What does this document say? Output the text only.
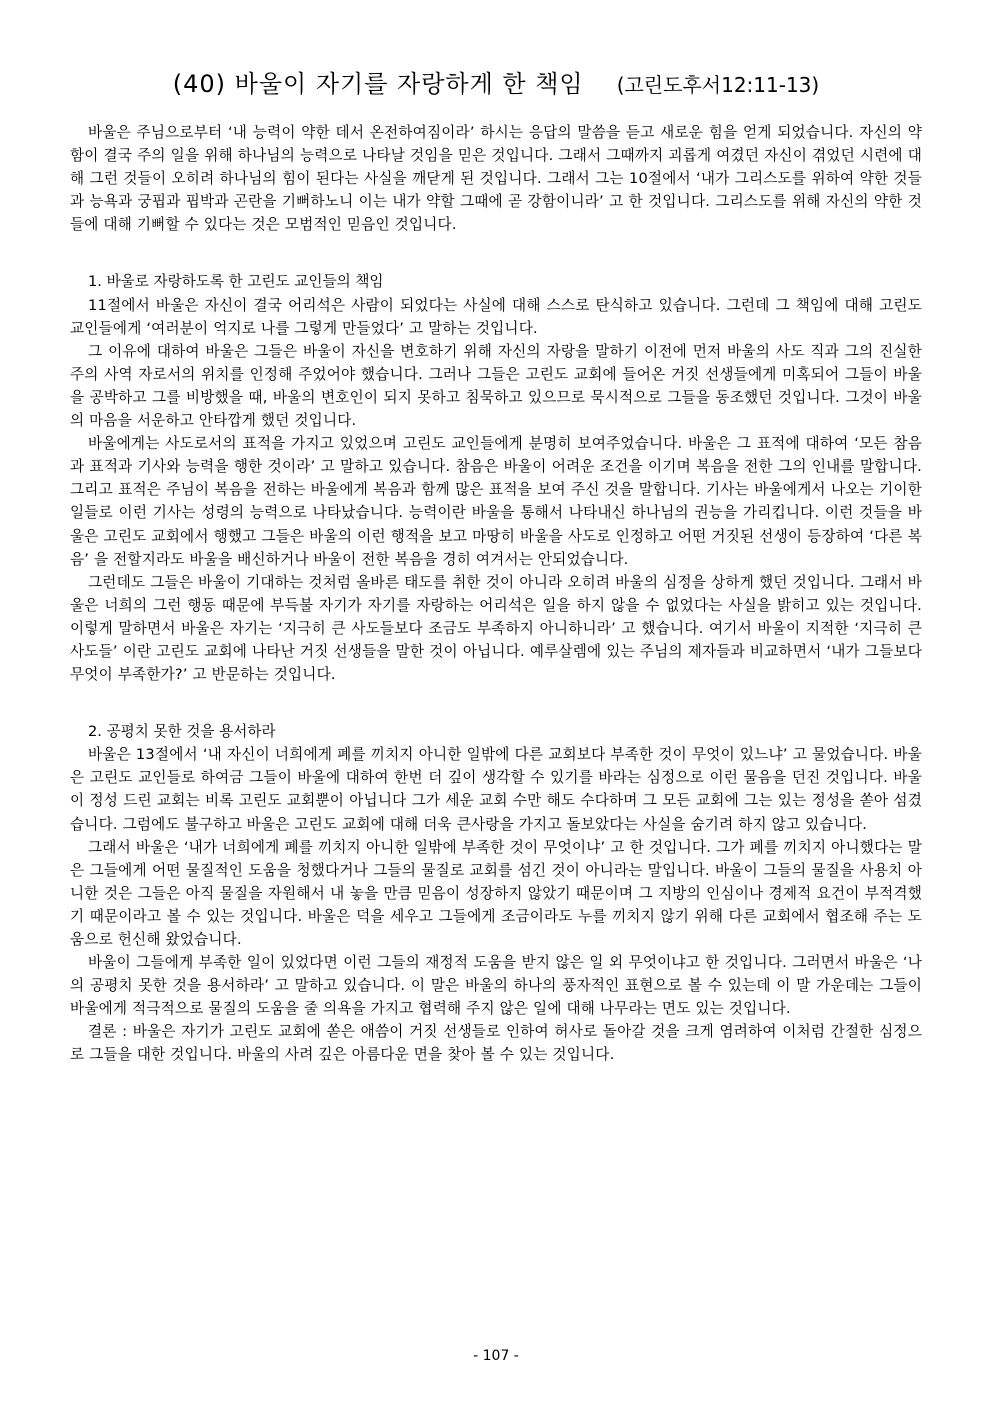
(40) 바울이 자기를 자랑하게 한 책임 (고린도후서12:11-13)

바울은 주님으로부터 ‘내 능력이 약한 데서 온전하여짐이라’ 하시는 응답의 말씀을 듣고 새로운 힘을 얻게 되었습니다. 자신의 약함이 결국 주의 일을 위해 하나님의 능력으로 나타날 것임을 믿은 것입니다. 그래서 그때까지 괴롭게 여겼던 자신이 겪었던 시련에 대해 그런 것들이 오히려 하나님의 힘이 된다는 사실을 깨닫게 된 것입니다. 그래서 그는 10절에서 ‘내가 그리스도를 위하여 약한 것들과 능욕과 궁핍과 핍박과 곤란을 기뻐하노니 이는 내가 약할 그때에 곧 강함이니라’ 고 한 것입니다. 그리스도를 위해 자신의 약한 것들에 대해 기뻐할 수 있다는 것은 모범적인 믿음인 것입니다.

1. 바울로 자랑하도록 한 고린도 교인들의 책임

11절에서 바울은 자신이 결국 어리석은 사람이 되었다는 사실에 대해 스스로 탄식하고 있습니다. 그런데 그 책임에 대해 고린도 교인들에게 ‘여러분이 억지로 나를 그렇게 만들었다’ 고 말하는 것입니다.

그 이유에 대하여 바울은 그들은 바울이 자신을 변호하기 위해 자신의 자랑을 말하기 이전에 먼저 바울의 사도 직과 그의 진실한 주의 사역 자로서의 위치를 인정해 주었어야 했습니다. 그러나 그들은 고린도 교회에 들어온 거짓 선생들에게 미혹되어 그들이 바울을 공박하고 그를 비방했을 때, 바울의 변호인이 되지 못하고 침묵하고 있으므로 묵시적으로 그들을 동조했던 것입니다. 그것이 바울의 마음을 서운하고 안타깝게 했던 것입니다.

바울에게는 사도로서의 표적을 가지고 있었으며 고린도 교인들에게 분명히 보여주었습니다. 바울은 그 표적에 대하여 ‘모든 참음과 표적과 기사와 능력을 행한 것이라’ 고 말하고 있습니다. 참음은 바울이 어려운 조건을 이기며 복음을 전한 그의 인내를 말합니다. 그리고 표적은 주님이 복음을 전하는 바울에게 복음과 함께 많은 표적을 보여 주신 것을 말합니다. 기사는 바울에게서 나오는 기이한 일들로 이런 기사는 성령의 능력으로 나타났습니다. 능력이란 바울을 통해서 나타내신 하나님의 권능을 가리킵니다. 이런 것들을 바울은 고린도 교회에서 행했고 그들은 바울의 이런 행적을 보고 마땅히 바울을 사도로 인정하고 어떤 거짓된 선생이 등장하여 ‘다른 복음’ 을 전할지라도 바울을 배신하거나 바울이 전한 복음을 경히 여겨서는 안되었습니다.

그런데도 그들은 바울이 기대하는 것처럼 올바른 태도를 취한 것이 아니라 오히려 바울의 심정을 상하게 했던 것입니다. 그래서 바울은 너희의 그런 행동 때문에 부득불 자기가 자기를 자랑하는 어리석은 일을 하지 않을 수 없었다는 사실을 밝히고 있는 것입니다. 이렇게 말하면서 바울은 자기는 ‘지극히 큰 사도들보다 조금도 부족하지 아니하니라’ 고 했습니다. 여기서 바울이 지적한 ‘지극히 큰 사도들’ 이란 고린도 교회에 나타난 거짓 선생들을 말한 것이 아닙니다. 예루살렘에 있는 주님의 제자들과 비교하면서 ‘내가 그들보다 무엇이 부족한가?’ 고 반문하는 것입니다.

2. 공평치 못한 것을 용서하라

바울은 13절에서 ‘내 자신이 너희에게 폐를 끼치지 아니한 일밖에 다른 교회보다 부족한 것이 무엇이 있느냐’ 고 물었습니다. 바울은 고린도 교인들로 하여금 그들이 바울에 대하여 한번 더 깊이 생각할 수 있기를 바라는 심정으로 이런 물음을 던진 것입니다. 바울이 정성 드린 교회는 비록 고린도 교회뿐이 아닙니다 그가 세운 교회 수만 해도 수다하며 그 모든 교회에 그는 있는 정성을 쏟아 섬겼습니다. 그럼에도 불구하고 바울은 고린도 교회에 대해 더욱 큰사랑을 가지고 돌보았다는 사실을 숨기려 하지 않고 있습니다.

그래서 바울은 ‘내가 너희에게 폐를 끼치지 아니한 일밖에 부족한 것이 무엇이냐’ 고 한 것입니다. 그가 폐를 끼치지 아니했다는 말은 그들에게 어떤 물질적인 도움을 청했다거나 그들의 물질로 교회를 섬긴 것이 아니라는 말입니다. 바울이 그들의 물질을 사용치 아니한 것은 그들은 아직 물질을 자원해서 내 놓을 만큼 믿음이 성장하지 않았기 때문이며 그 지방의 인심이나 경제적 요건이 부적격했기 때문이라고 볼 수 있는 것입니다. 바울은 덕을 세우고 그들에게 조금이라도 누를 끼치지 않기 위해 다른 교회에서 협조해 주는 도움으로 헌신해 왔었습니다.

바울이 그들에게 부족한 일이 있었다면 이런 그들의 재정적 도움을 받지 않은 일 외 무엇이냐고 한 것입니다. 그러면서 바울은 ‘나의 공평치 못한 것을 용서하라’ 고 말하고 있습니다. 이 말은 바울의 하나의 풍자적인 표현으로 볼 수 있는데 이 말 가운데는 그들이 바울에게 적극적으로 물질의 도움을 줄 의욕을 가지고 협력해 주지 않은 일에 대해 나무라는 면도 있는 것입니다.

결론 : 바울은 자기가 고린도 교회에 쏟은 애씀이 거짓 선생들로 인하여 허사로 돌아갈 것을 크게 염려하여 이처럼 간절한 심정으로 그들을 대한 것입니다. 바울의 사려 깊은 아름다운 면을 찾아 볼 수 있는 것입니다.

- 107 -
